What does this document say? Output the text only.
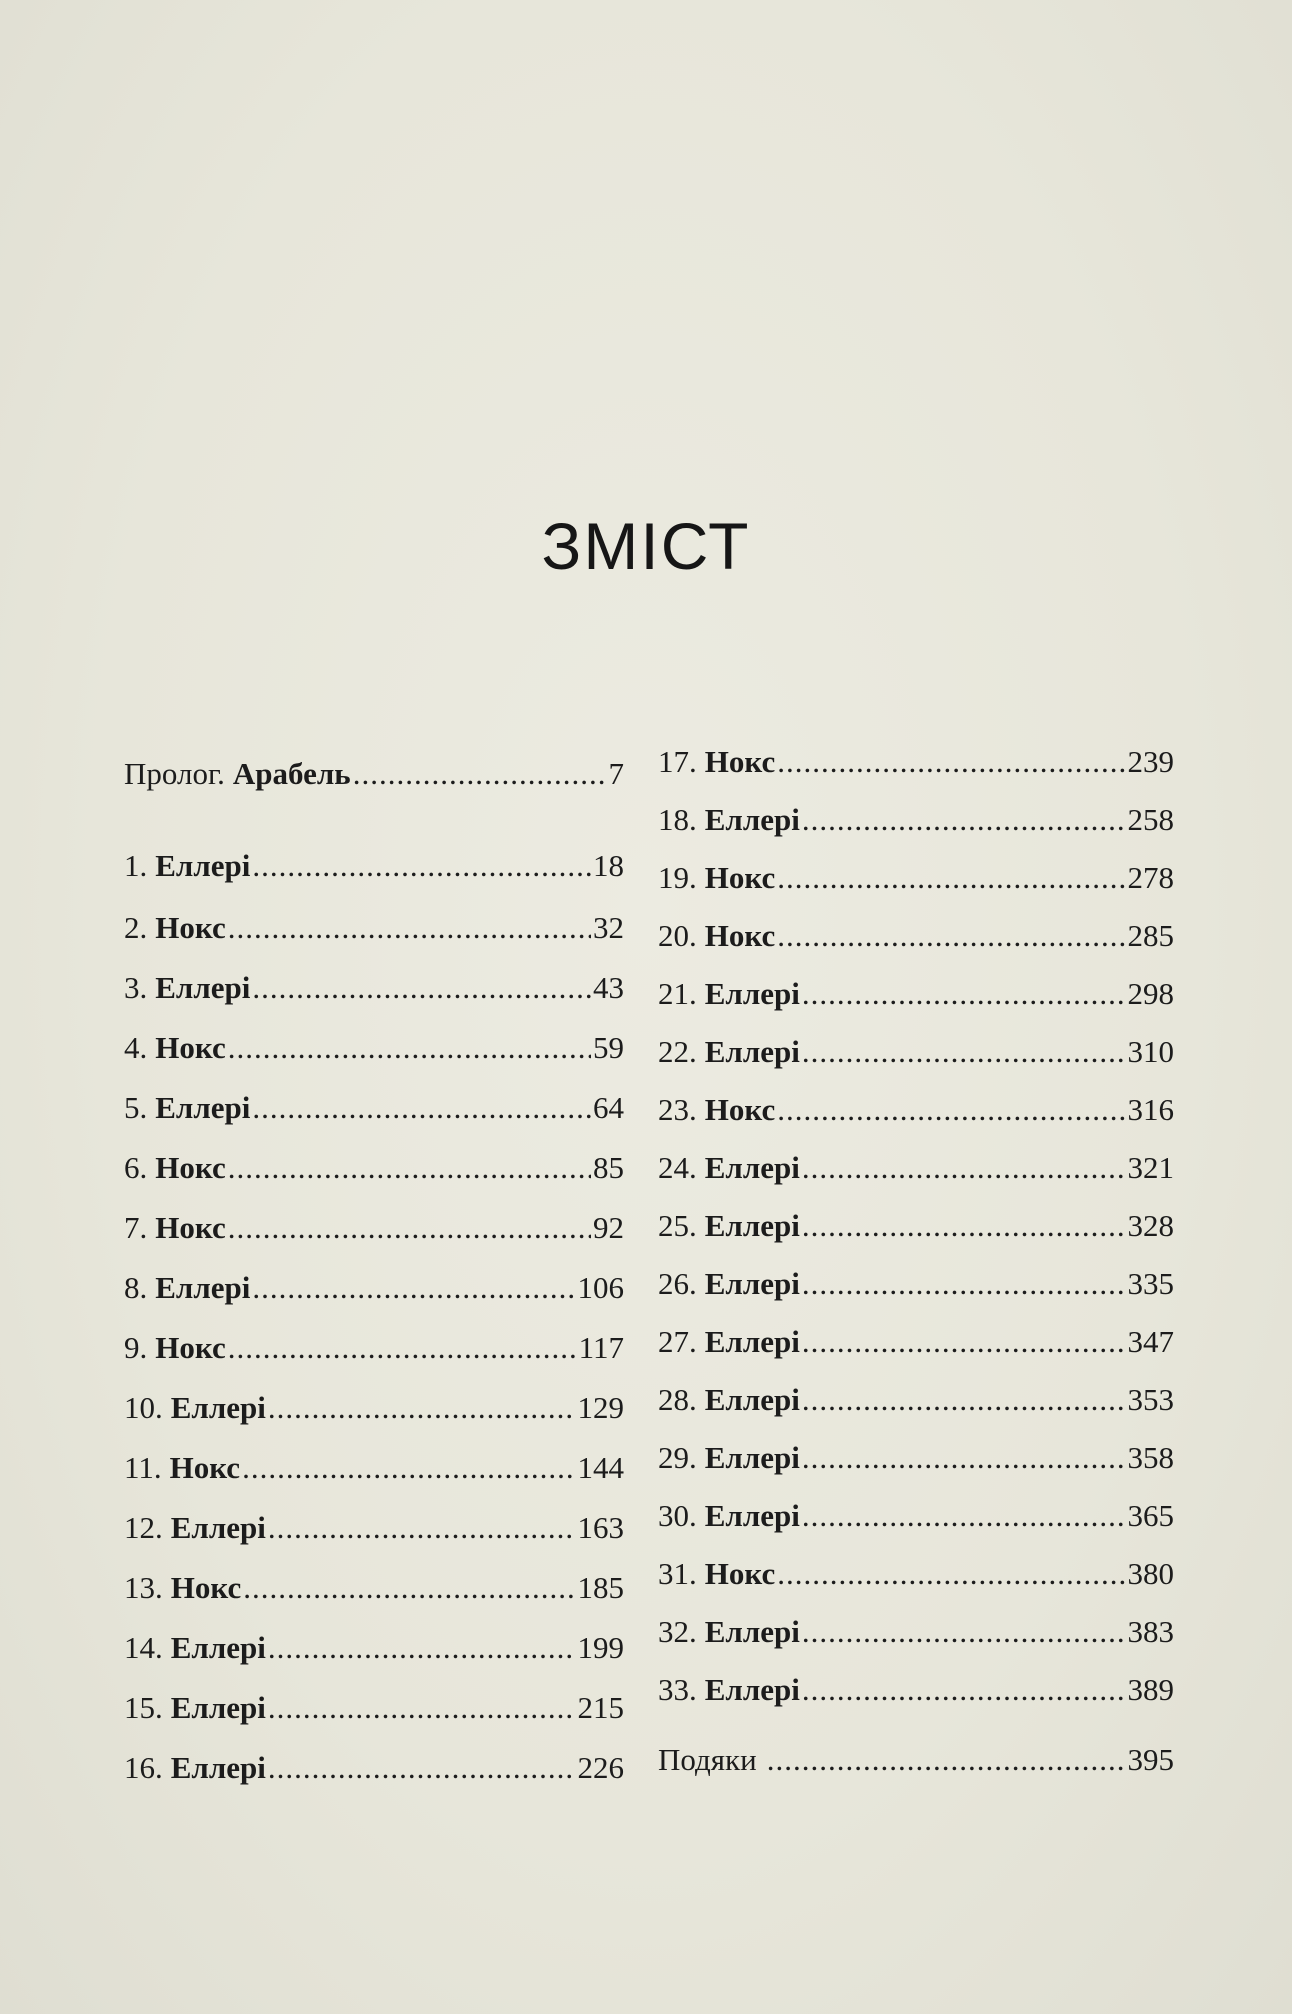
ЗМІСТ
Пролог. Арабель .....	7
1. Еллері .....	18
2. Нокс .....	32
3. Еллері .....	43
4. Нокс .....	59
5. Еллері .....	64
6. Нокс .....	85
7. Нокс .....	92
8. Еллері .....	106
9. Нокс .....	117
10. Еллері .....	129
11. Нокс .....	144
12. Еллері .....	163
13. Нокс .....	185
14. Еллері .....	199
15. Еллері .....	215
16. Еллері .....	226
17. Нокс .....	239
18. Еллері .....	258
19. Нокс .....	278
20. Нокс .....	285
21. Еллері .....	298
22. Еллері .....	310
23. Нокс .....	316
24. Еллері .....	321
25. Еллері .....	328
26. Еллері .....	335
27. Еллері .....	347
28. Еллері .....	353
29. Еллері .....	358
30. Еллері .....	365
31. Нокс .....	380
32. Еллері .....	383
33. Еллері .....	389
Подяки .....	395
